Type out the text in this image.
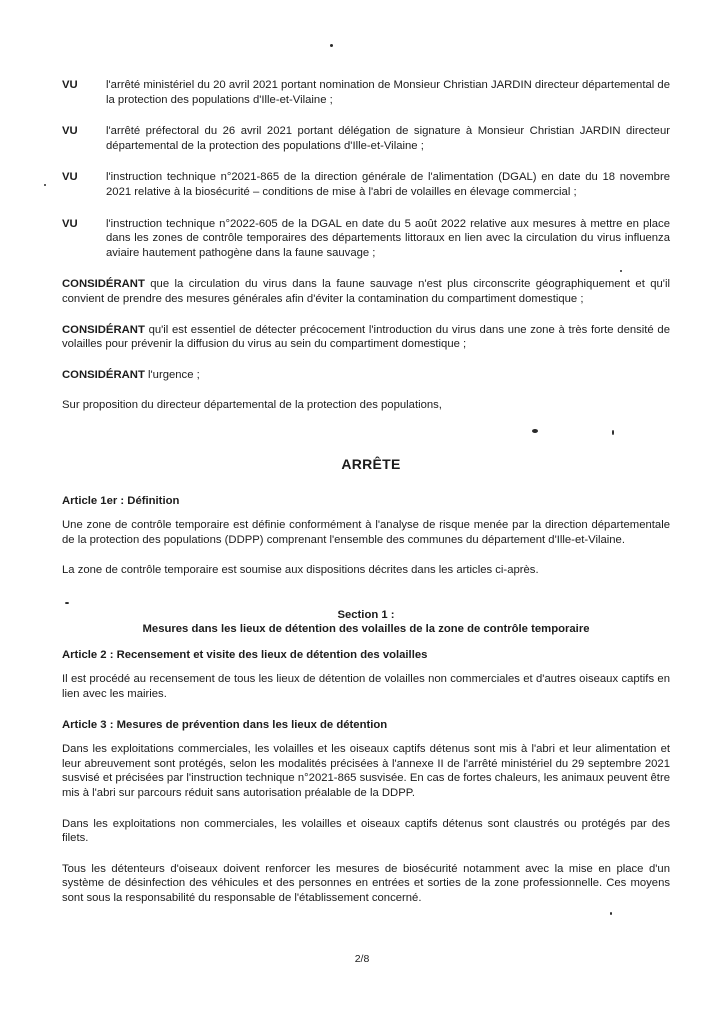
VU	l'arrêté ministériel du 20 avril 2021 portant nomination de Monsieur Christian JARDIN directeur départemental de la protection des populations d'Ille-et-Vilaine ;
VU	l'arrêté préfectoral du 26 avril 2021 portant délégation de signature à Monsieur Christian JARDIN directeur départemental de la protection des populations d'Ille-et-Vilaine ;
VU	l'instruction technique n°2021-865 de la direction générale de l'alimentation (DGAL) en date du 18 novembre 2021 relative à la biosécurité – conditions de mise à l'abri de volailles en élevage commercial ;
VU	l'instruction technique n°2022-605 de la DGAL en date du 5 août 2022 relative aux mesures à mettre en place dans les zones de contrôle temporaires des départements littoraux en lien avec la circulation du virus influenza aviaire hautement pathogène dans la faune sauvage ;

CONSIDÉRANT que la circulation du virus dans la faune sauvage n'est plus circonscrite géographiquement et qu'il convient de prendre des mesures générales afin d'éviter la contamination du compartiment domestique ;

CONSIDÉRANT qu'il est essentiel de détecter précocement l'introduction du virus dans une zone à très forte densité de volailles pour prévenir la diffusion du virus au sein du compartiment domestique ;

CONSIDÉRANT l'urgence ;

Sur proposition du directeur départemental de la protection des populations,

ARRÊTE
Article 1er : Définition

Une zone de contrôle temporaire est définie conformément à l'analyse de risque menée par la direction départementale de la protection des populations (DDPP) comprenant l'ensemble des communes du département d'Ille-et-Vilaine.

La zone de contrôle temporaire est soumise aux dispositions décrites dans les articles ci-après.

Section 1 :
Mesures dans les lieux de détention des volailles de la zone de contrôle temporaire
Article 2 : Recensement et visite des lieux de détention des volailles

Il est procédé au recensement de tous les lieux de détention de volailles non commerciales et d'autres oiseaux captifs en lien avec les mairies.

Article 3 : Mesures de prévention dans les lieux de détention

Dans les exploitations commerciales, les volailles et les oiseaux captifs détenus sont mis à l'abri et leur alimentation et leur abreuvement sont protégés, selon les modalités précisées à l'annexe II de l'arrêté ministériel du 29 septembre 2021 susvisé et précisées par l'instruction technique n°2021-865 susvisée. En cas de fortes chaleurs, les animaux peuvent être mis à l'abri sur parcours réduit sans autorisation préalable de la DDPP.

Dans les exploitations non commerciales, les volailles et oiseaux captifs détenus sont claustrés ou protégés par des filets.

Tous les détenteurs d'oiseaux doivent renforcer les mesures de biosécurité notamment avec la mise en place d'un système de désinfection des véhicules et des personnes en entrées et sorties de la zone professionnelle. Ces moyens sont sous la responsabilité du responsable de l'établissement concerné.

2/8
